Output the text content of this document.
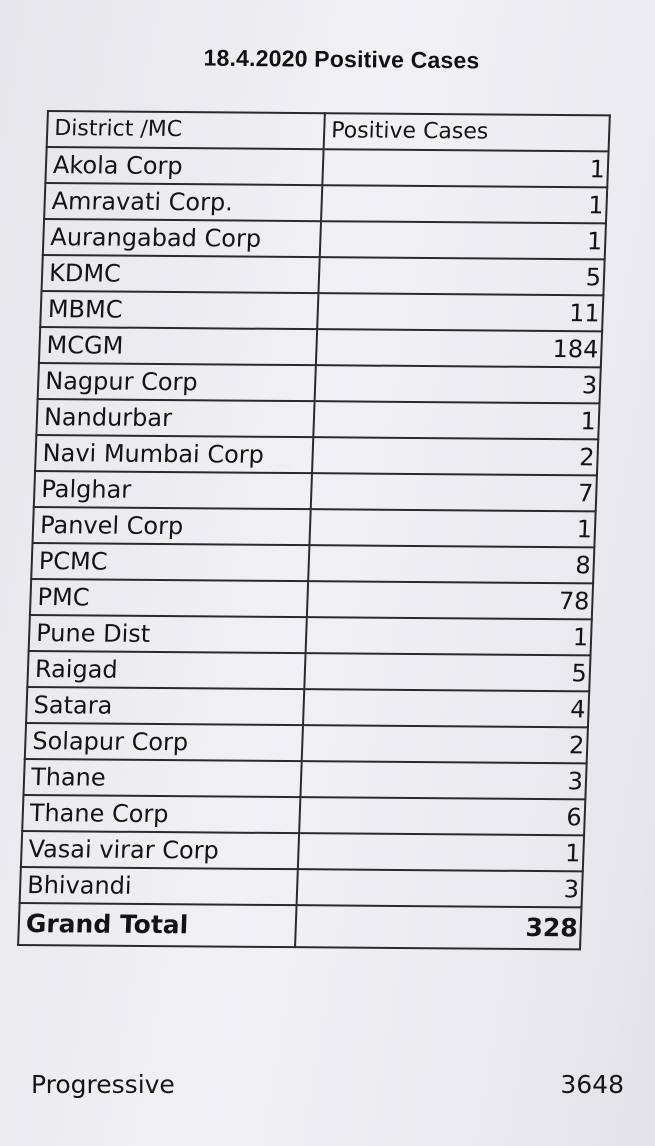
18.4.2020 Positive Cases
District /MC	Positive Cases
Akola Corp	1
Amravati Corp.	1
Aurangabad Corp	1
KDMC	5
MBMC	11
MCGM	184
Nagpur Corp	3
Nandurbar	1
Navi Mumbai Corp	2
Palghar	7
Panvel Corp	1
PCMC	8
PMC	78
Pune Dist	1
Raigad	5
Satara	4
Solapur Corp	2
Thane	3
Thane Corp	6
Vasai virar Corp	1
Bhivandi	3
Grand Total	328
Progressive	3648
